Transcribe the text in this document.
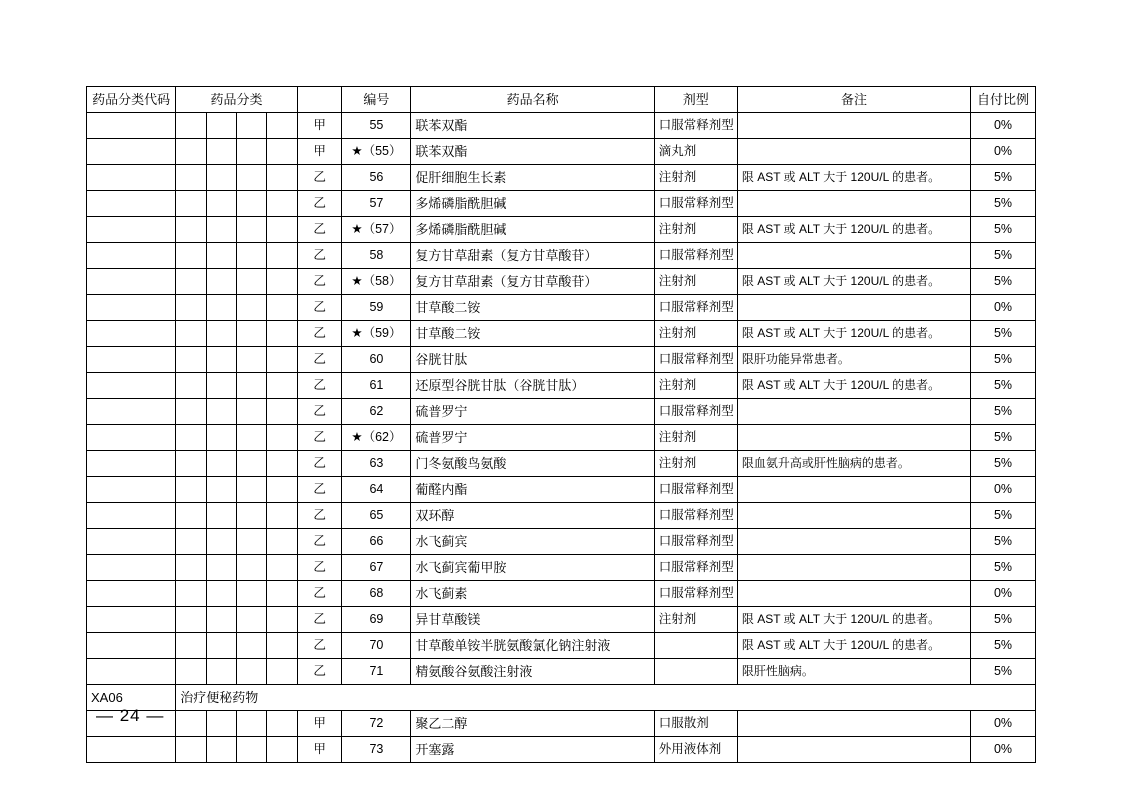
药品分类代码	药品分类					编号	药品名称	剂型	备注	自付比例
					甲	55	联苯双酯	口服常释剂型		0%
					甲	★（55）	联苯双酯	滴丸剂		0%
					乙	56	促肝细胞生长素	注射剂	限 AST 或 ALT 大于 120U/L 的患者。	5%
					乙	57	多烯磷脂酰胆碱	口服常释剂型		5%
					乙	★（57）	多烯磷脂酰胆碱	注射剂	限 AST 或 ALT 大于 120U/L 的患者。	5%
					乙	58	复方甘草甜素（复方甘草酸苷）	口服常释剂型		5%
					乙	★（58）	复方甘草甜素（复方甘草酸苷）	注射剂	限 AST 或 ALT 大于 120U/L 的患者。	5%
					乙	59	甘草酸二铵	口服常释剂型		0%
					乙	★（59）	甘草酸二铵	注射剂	限 AST 或 ALT 大于 120U/L 的患者。	5%
					乙	60	谷胱甘肽	口服常释剂型	限肝功能异常患者。	5%
					乙	61	还原型谷胱甘肽（谷胱甘肽）	注射剂	限 AST 或 ALT 大于 120U/L 的患者。	5%
					乙	62	硫普罗宁	口服常释剂型		5%
					乙	★（62）	硫普罗宁	注射剂		5%
					乙	63	门冬氨酸鸟氨酸	注射剂	限血氨升高或肝性脑病的患者。	5%
					乙	64	葡醛内酯	口服常释剂型		0%
					乙	65	双环醇	口服常释剂型		5%
					乙	66	水飞蓟宾	口服常释剂型		5%
					乙	67	水飞蓟宾葡甲胺	口服常释剂型		5%
					乙	68	水飞蓟素	口服常释剂型		0%
					乙	69	异甘草酸镁	注射剂	限 AST 或 ALT 大于 120U/L 的患者。	5%
					乙	70	甘草酸单铵半胱氨酸氯化钠注射液		限 AST 或 ALT 大于 120U/L 的患者。	5%
					乙	71	精氨酸谷氨酸注射液		限肝性脑病。	5%
XA06	治疗便秘药物									
					甲	72	聚乙二醇	口服散剂		0%
					甲	73	开塞露	外用液体剂		0%
— 24 —
